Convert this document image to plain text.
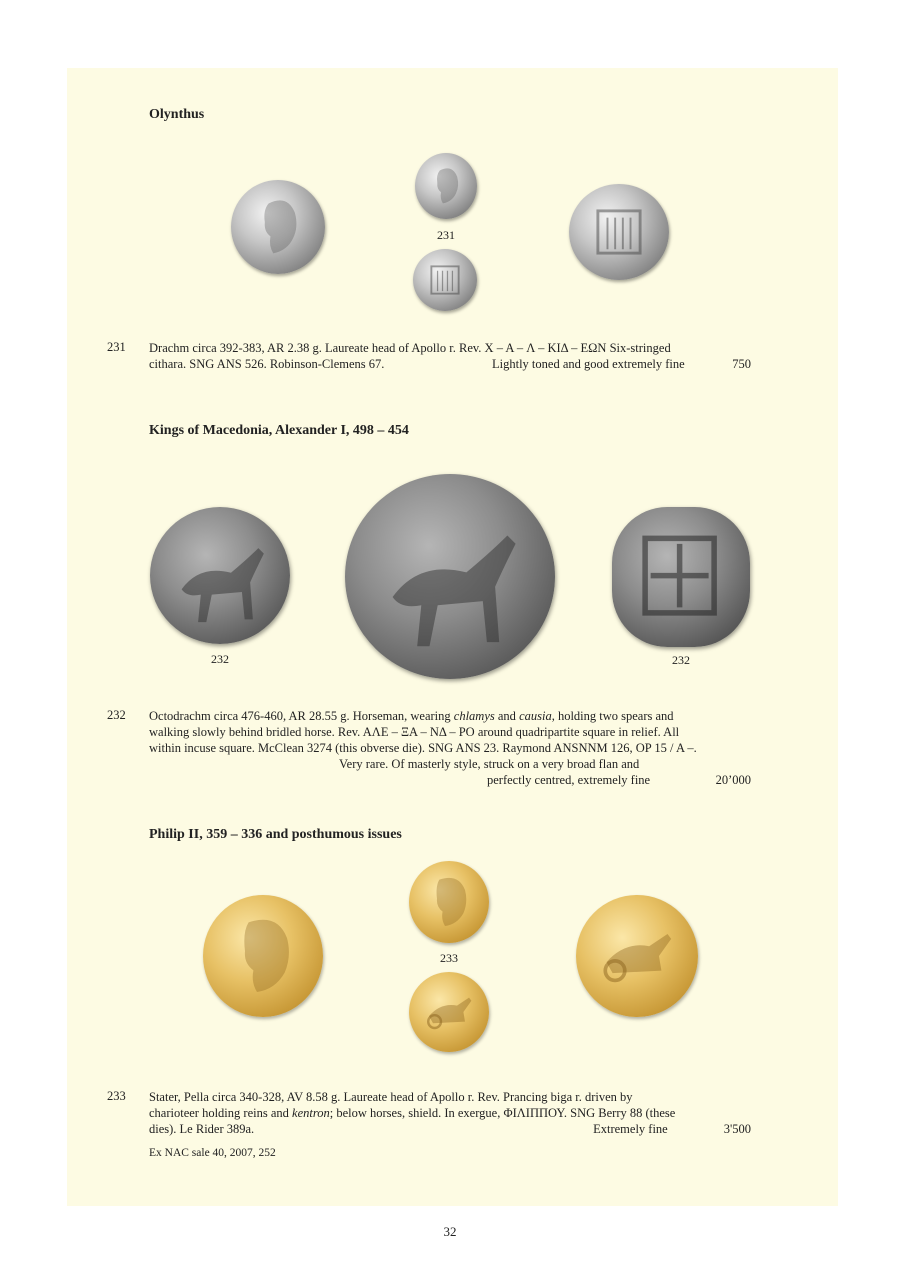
Olynthus
231
231 Drachm circa 392-383, AR 2.38 g. Laureate head of Apollo r. Rev. X – A – Λ – KIΔ – EΩN Six-stringed
cithara. SNG ANS 526. Robinson-Clemens 67.	Lightly toned and good extremely fine	750
Kings of Macedonia, Alexander I, 498 – 454
232	232
232 Octodrachm circa 476-460, AR 28.55 g. Horseman, wearing chlamys and causia, holding two spears and
walking slowly behind bridled horse. Rev. AΛE – ΞA – NΔ – PO around quadripartite square in relief. All
within incuse square. McClean 3274 (this obverse die). SNG ANS 23. Raymond ANSNNM 126, OP 15 / A –.
Very rare. Of masterly style, struck on a very broad flan and
perfectly centred, extremely fine	20’000
Philip II, 359 – 336 and posthumous issues
233
233 Stater, Pella circa 340-328, AV 8.58 g. Laureate head of Apollo r. Rev. Prancing biga r. driven by
charioteer holding reins and kentron; below horses, shield. In exergue, ΦΙΛΙΠΠΟΥ. SNG Berry 88 (these
dies). Le Rider 389a.	Extremely fine	3'500
Ex NAC sale 40, 2007, 252
32
